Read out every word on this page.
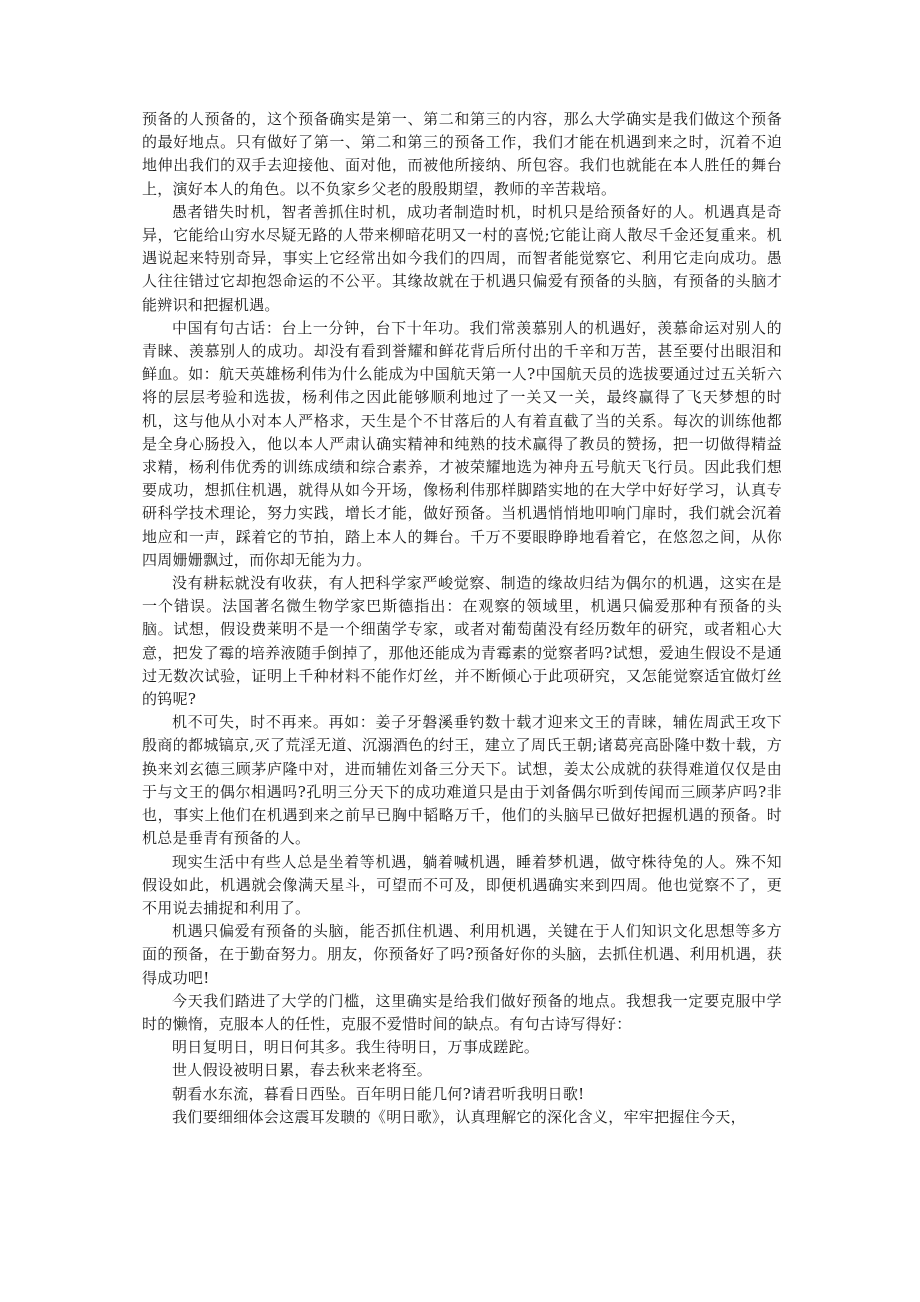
预备的人预备的，这个预备确实是第一、第二和第三的内容，那么大学确实是我们做这个预备的最好地点。只有做好了第一、第二和第三的预备工作，我们才能在机遇到来之时，沉着不迫地伸出我们的双手去迎接他、面对他，而被他所接纳、所包容。我们也就能在本人胜任的舞台上，演好本人的角色。以不负家乡父老的殷殷期望，教师的辛苦栽培。

愚者错失时机，智者善抓住时机，成功者制造时机，时机只是给预备好的人。机遇真是奇异，它能给山穷水尽疑无路的人带来柳暗花明又一村的喜悦;它能让商人散尽千金还复重来。机遇说起来特别奇异，事实上它经常出如今我们的四周，而智者能觉察它、利用它走向成功。愚人往往错过它却抱怨命运的不公平。其缘故就在于机遇只偏爱有预备的头脑，有预备的头脑才能辨识和把握机遇。

中国有句古话：台上一分钟，台下十年功。我们常羡慕别人的机遇好，羡慕命运对别人的青睐、羡慕别人的成功。却没有看到誉耀和鲜花背后所付出的千辛和万苦，甚至要付出眼泪和鲜血。如：航天英雄杨利伟为什么能成为中国航天第一人?中国航天员的选拔要通过过五关斩六将的层层考验和选拔，杨利伟之因此能够顺利地过了一关又一关，最终赢得了飞天梦想的时机，这与他从小对本人严格求，天生是个不甘落后的人有着直截了当的关系。每次的训练他都是全身心肠投入，他以本人严肃认确实精神和纯熟的技术赢得了教员的赞扬，把一切做得精益求精，杨利伟优秀的训练成绩和综合素养，才被荣耀地选为神舟五号航天飞行员。因此我们想要成功，想抓住机遇，就得从如今开场，像杨利伟那样脚踏实地的在大学中好好学习，认真专研科学技术理论，努力实践，增长才能，做好预备。当机遇悄悄地叩响门扉时，我们就会沉着地应和一声，踩着它的节拍，踏上本人的舞台。千万不要眼睁睁地看着它，在悠忽之间，从你四周姗姗飘过，而你却无能为力。

没有耕耘就没有收获，有人把科学家严峻觉察、制造的缘故归结为偶尔的机遇，这实在是一个错误。法国著名微生物学家巴斯德指出：在观察的领域里，机遇只偏爱那种有预备的头脑。试想，假设费莱明不是一个细菌学专家，或者对葡萄菌没有经历数年的研究，或者粗心大意，把发了霉的培养液随手倒掉了，那他还能成为青霉素的觉察者吗?试想，爱迪生假设不是通过无数次试验，证明上千种材料不能作灯丝，并不断倾心于此项研究，又怎能觉察适宜做灯丝的钨呢?

机不可失，时不再来。再如：姜子牙磐溪垂钓数十载才迎来文王的青睐，辅佐周武王攻下殷商的都城镐京,灭了荒淫无道、沉溺酒色的纣王，建立了周氏王朝;诸葛亮高卧隆中数十载，方换来刘玄德三顾茅庐隆中对，进而辅佐刘备三分天下。试想，姜太公成就的获得难道仅仅是由于与文王的偶尔相遇吗?孔明三分天下的成功难道只是由于刘备偶尔听到传闻而三顾茅庐吗?非也，事实上他们在机遇到来之前早已胸中韬略万千，他们的头脑早已做好把握机遇的预备。时机总是垂青有预备的人。

现实生活中有些人总是坐着等机遇，躺着喊机遇，睡着梦机遇，做守株待兔的人。殊不知假设如此，机遇就会像满天星斗，可望而不可及，即便机遇确实来到四周。他也觉察不了，更不用说去捕捉和利用了。

机遇只偏爱有预备的头脑，能否抓住机遇、利用机遇，关键在于人们知识文化思想等多方面的预备，在于勤奋努力。朋友，你预备好了吗?预备好你的头脑，去抓住机遇、利用机遇，获得成功吧!

今天我们踏进了大学的门槛，这里确实是给我们做好预备的地点。我想我一定要克服中学时的懒惰，克服本人的任性，克服不爱惜时间的缺点。有句古诗写得好：

明日复明日，明日何其多。我生待明日，万事成蹉跎。

世人假设被明日累，春去秋来老将至。

朝看水东流，暮看日西坠。百年明日能几何?请君听我明日歌!

我们要细细体会这震耳发聩的《明日歌》，认真理解它的深化含义，牢牢把握住今天，
